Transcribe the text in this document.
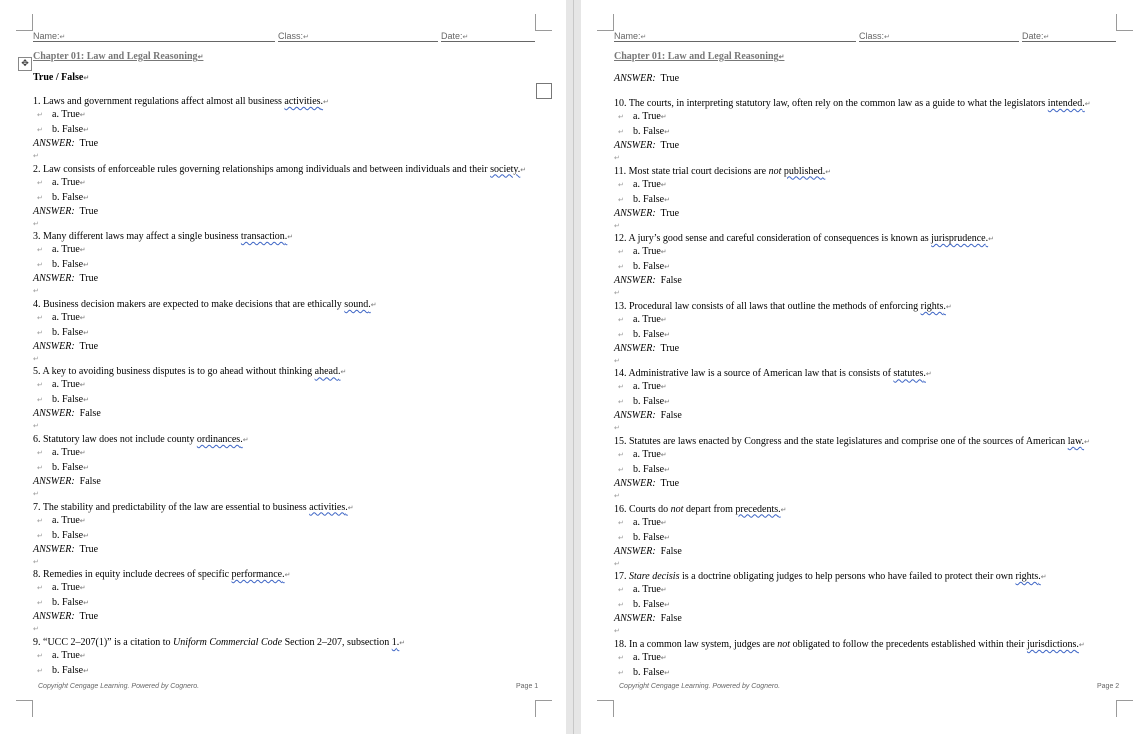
Name:↵	Class:↵	Date:↵
✥
Chapter 01: Law and Legal Reasoning↵
True / False↵
1. Laws and government regulations affect almost all business activities.↵
↵ a. True↵
↵ b. False↵
ANSWER: True
↵
2. Law consists of enforceable rules governing relationships among individuals and between individuals and their society.↵
↵ a. True↵
↵ b. False↵
ANSWER: True
↵
3. Many different laws may affect a single business transaction.↵
↵ a. True↵
↵ b. False↵
ANSWER: True
↵
4. Business decision makers are expected to make decisions that are ethically sound.↵
↵ a. True↵
↵ b. False↵
ANSWER: True
↵
5. A key to avoiding business disputes is to go ahead without thinking ahead.↵
↵ a. True↵
↵ b. False↵
ANSWER: False
↵
6. Statutory law does not include county ordinances.↵
↵ a. True↵
↵ b. False↵
ANSWER: False
↵
7. The stability and predictability of the law are essential to business activities.↵
↵ a. True↵
↵ b. False↵
ANSWER: True
↵
8. Remedies in equity include decrees of specific performance.↵
↵ a. True↵
↵ b. False↵
ANSWER: True
↵
9. “UCC 2–207(1)” is a citation to Uniform Commercial Code Section 2–207, subsection 1.↵
↵ a. True↵
↵ b. False↵
Copyright Cengage Learning. Powered by Cognero.	Page 1
Name:↵	Class:↵	Date:↵
Chapter 01: Law and Legal Reasoning↵
ANSWER: True
10. The courts, in interpreting statutory law, often rely on the common law as a guide to what the legislators intended.↵
↵ a. True↵
↵ b. False↵
ANSWER: True
↵
11. Most state trial court decisions are not published.↵
↵ a. True↵
↵ b. False↵
ANSWER: True
↵
12. A jury’s good sense and careful consideration of consequences is known as jurisprudence.↵
↵ a. True↵
↵ b. False↵
ANSWER: False
↵
13. Procedural law consists of all laws that outline the methods of enforcing rights.↵
↵ a. True↵
↵ b. False↵
ANSWER: True
↵
14. Administrative law is a source of American law that is consists of statutes.↵
↵ a. True↵
↵ b. False↵
ANSWER: False
↵
15. Statutes are laws enacted by Congress and the state legislatures and comprise one of the sources of American law.↵
↵ a. True↵
↵ b. False↵
ANSWER: True
↵
16. Courts do not depart from precedents.↵
↵ a. True↵
↵ b. False↵
ANSWER: False
↵
17. Stare decisis is a doctrine obligating judges to help persons who have failed to protect their own rights.↵
↵ a. True↵
↵ b. False↵
ANSWER: False
↵
18. In a common law system, judges are not obligated to follow the precedents established within their jurisdictions.↵
↵ a. True↵
↵ b. False↵
Copyright Cengage Learning. Powered by Cognero.	Page 2
